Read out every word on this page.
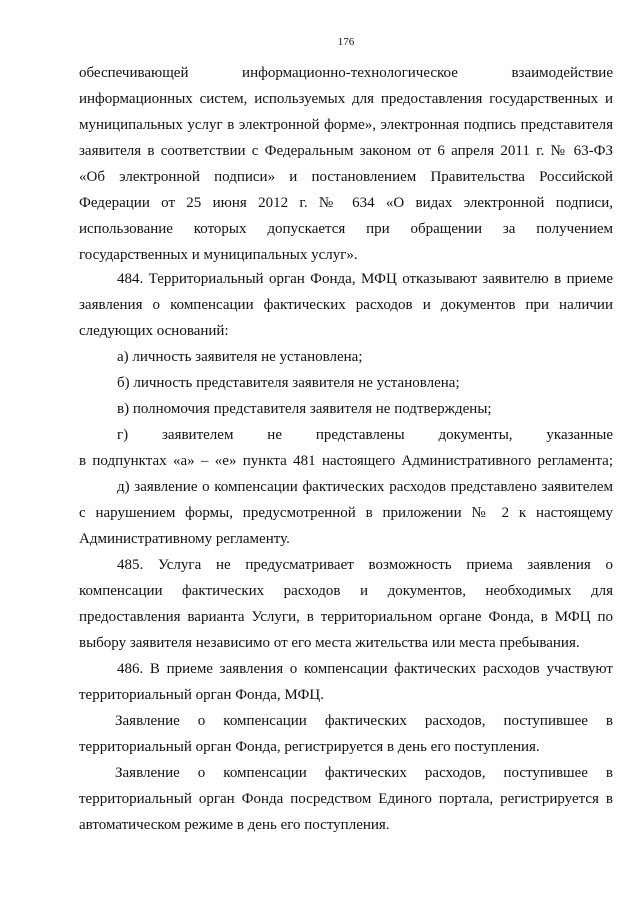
176
обеспечивающей информационно-технологическое взаимодействие
информационных систем, используемых для предоставления государственных и
муниципальных услуг в электронной форме», электронная подпись представителя
заявителя в соответствии с Федеральным законом от 6 апреля 2011 г. № 63-ФЗ
«Об электронной подписи» и постановлением Правительства Российской
Федерации от 25 июня 2012 г. № 634 «О видах электронной подписи,
использование которых допускается при обращении за получением
государственных и муниципальных услуг».
484. Территориальный орган Фонда, МФЦ отказывают заявителю в приеме
заявления о компенсации фактических расходов и документов при наличии
следующих оснований:
а) личность заявителя не установлена;
б) личность представителя заявителя не установлена;
в) полномочия представителя заявителя не подтверждены;
г) заявителем не представлены документы, указанные
в подпунктах «а» – «е» пункта 481 настоящего Административного регламента;
д) заявление о компенсации фактических расходов представлено заявителем
с нарушением формы, предусмотренной в приложении № 2 к настоящему
Административному регламенту.
485. Услуга не предусматривает возможность приема заявления о
компенсации фактических расходов и документов, необходимых для
предоставления варианта Услуги, в территориальном органе Фонда, в МФЦ по
выбору заявителя независимо от его места жительства или места пребывания.
486. В приеме заявления о компенсации фактических расходов участвуют
территориальный орган Фонда, МФЦ.
Заявление о компенсации фактических расходов, поступившее в
территориальный орган Фонда, регистрируется в день его поступления.
Заявление о компенсации фактических расходов, поступившее в
территориальный орган Фонда посредством Единого портала, регистрируется в
автоматическом режиме в день его поступления.
